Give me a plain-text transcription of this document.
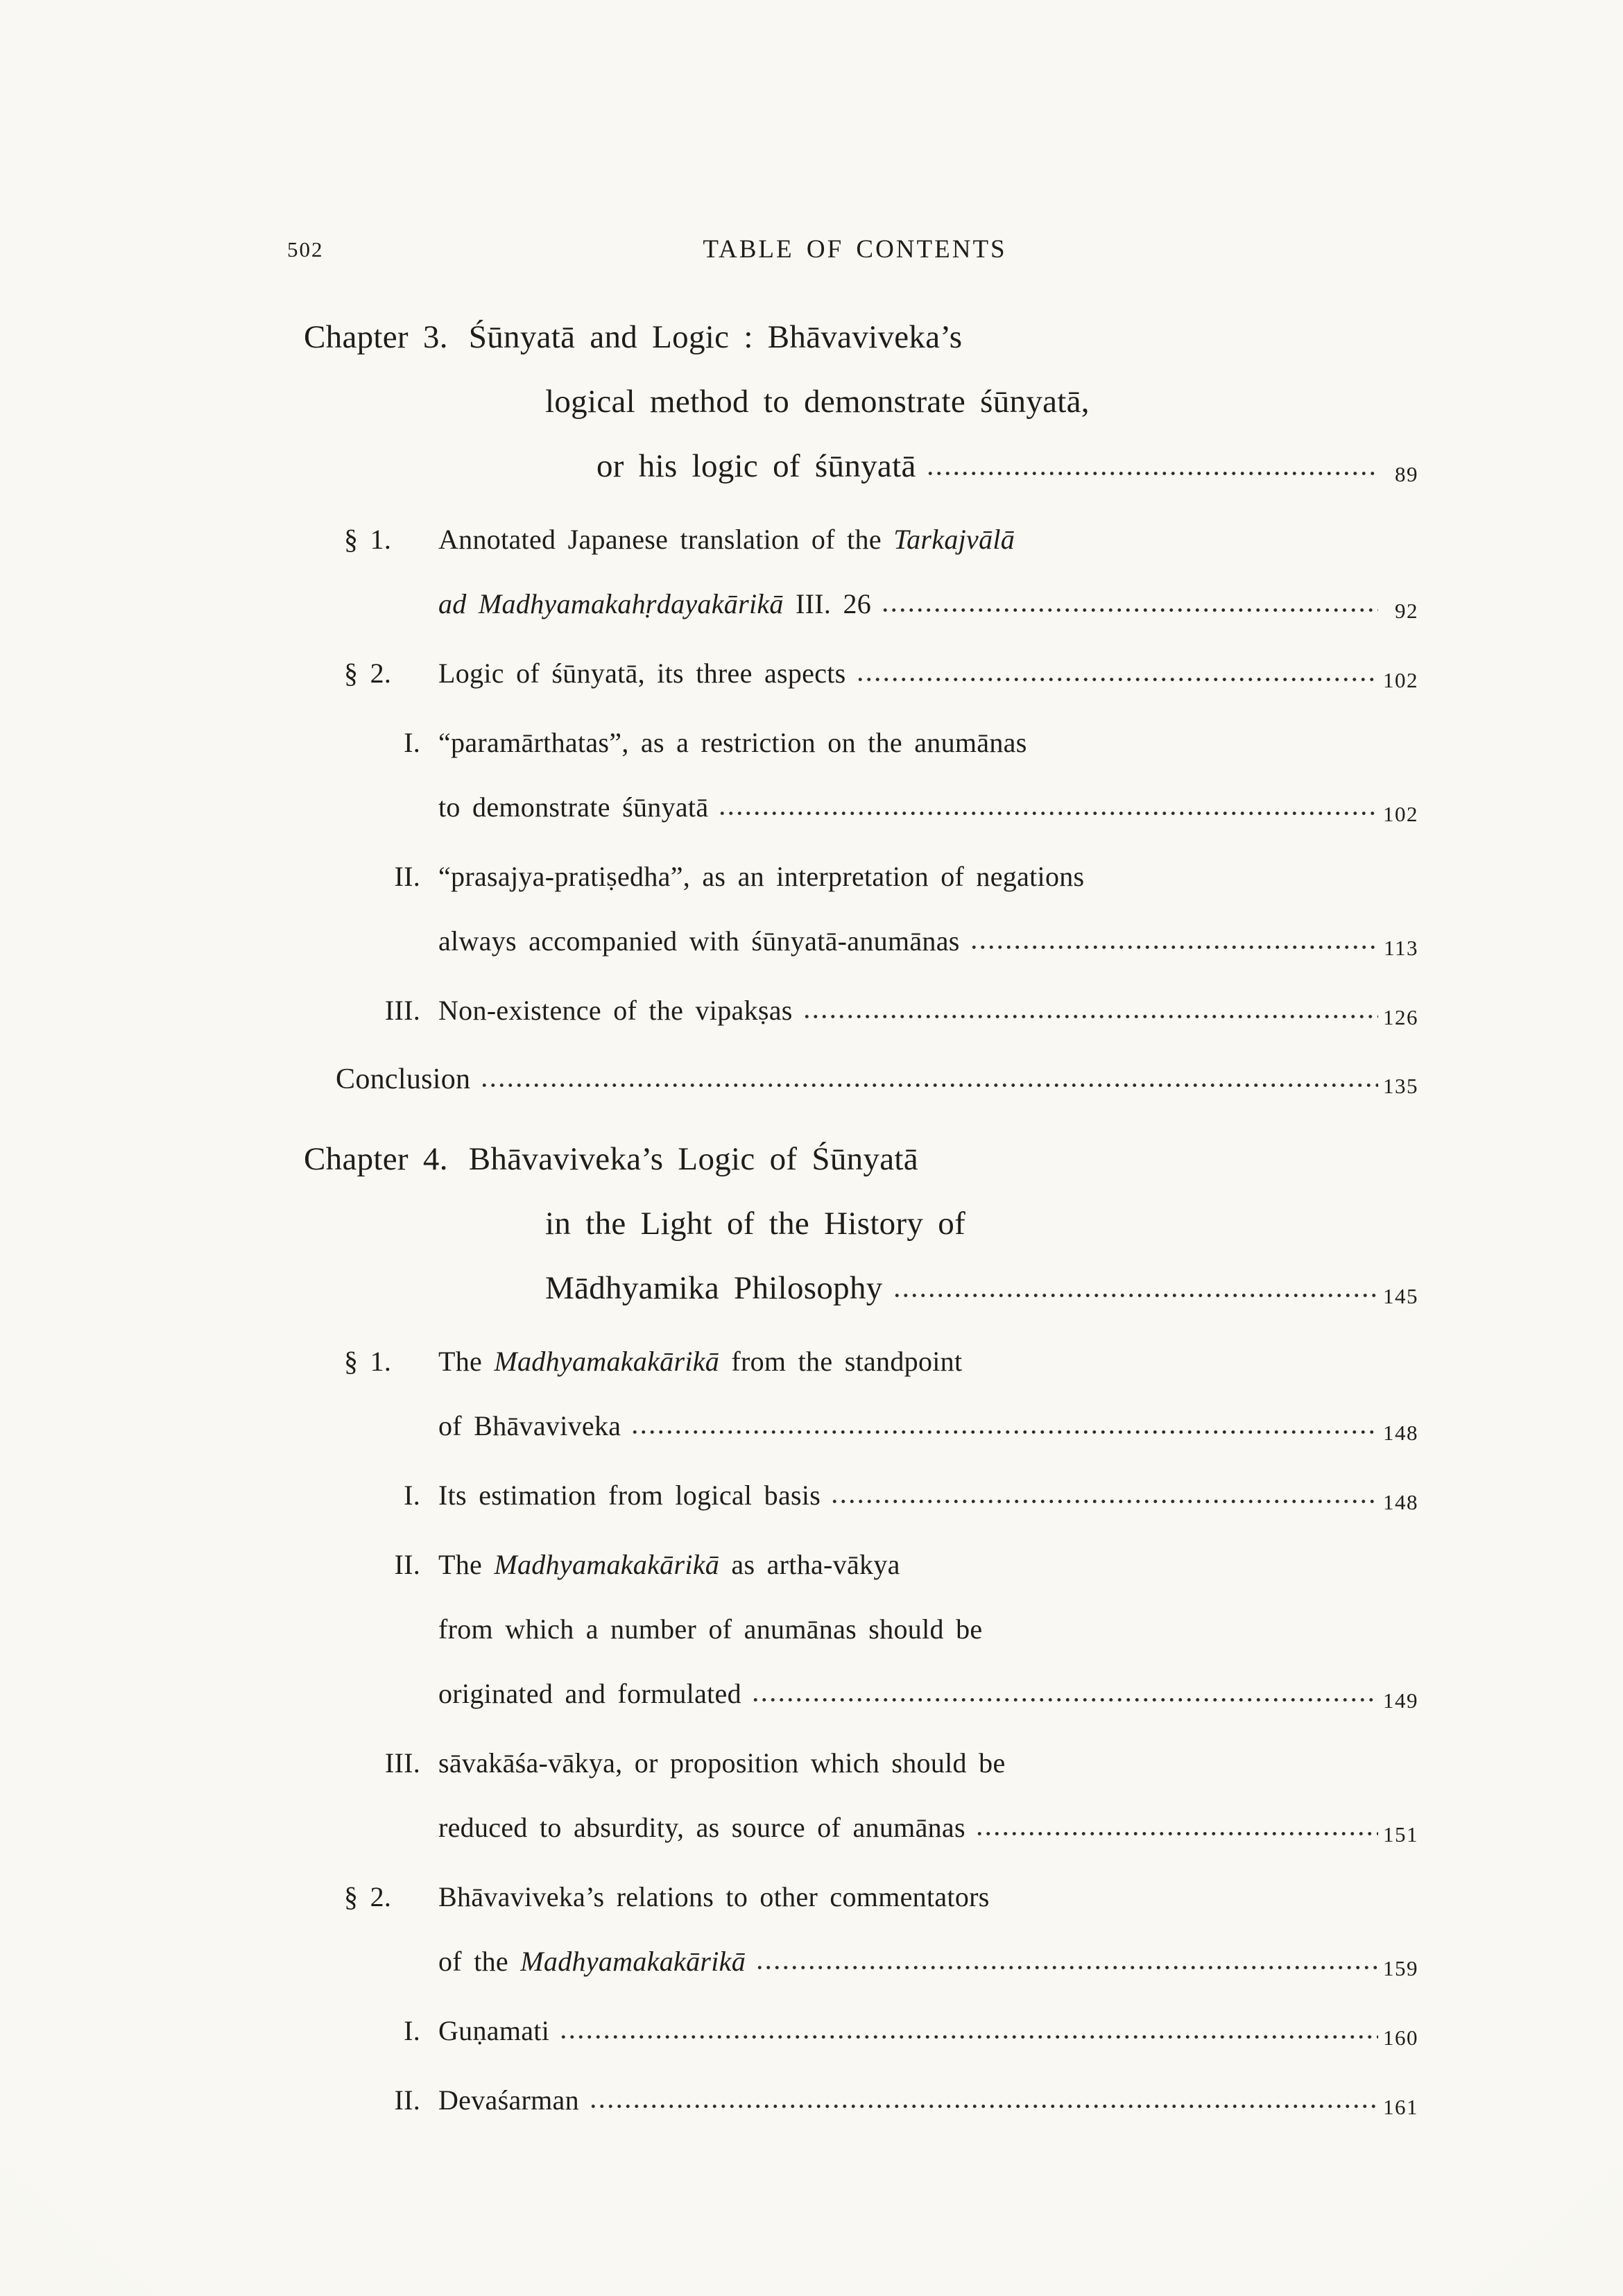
502	TABLE OF CONTENTS
Chapter 3. Śūnyatā and Logic : Bhāvaviveka’s
logical method to demonstrate śūnyatā,
or his logic of śūnyatā	89
§ 1.	Annotated Japanese translation of the Tarkajvālā
ad Madhyamakahṛdayakārikā III. 26	92
§ 2.	Logic of śūnyatā, its three aspects	102
I. “paramārthatas”, as a restriction on the anumānas
to demonstrate śūnyatā	102
II. “prasajya-pratiṣedha”, as an interpretation of negations
always accompanied with śūnyatā-anumānas	113
III. Non-existence of the vipakṣas	126
Conclusion	135
Chapter 4. Bhāvaviveka’s Logic of Śūnyatā
in the Light of the History of
Mādhyamika Philosophy	145
§ 1.	The Madhyamakakārikā from the standpoint
of Bhāvaviveka	148
I. Its estimation from logical basis	148
II. The Madhyamakakārikā as artha-vākya
from which a number of anumānas should be
originated and formulated	149
III. sāvakāśa-vākya, or proposition which should be
reduced to absurdity, as source of anumānas	151
§ 2.	Bhāvaviveka’s relations to other commentators
of the Madhyamakakārikā	159
I. Guṇamati	160
II. Devaśarman	161
